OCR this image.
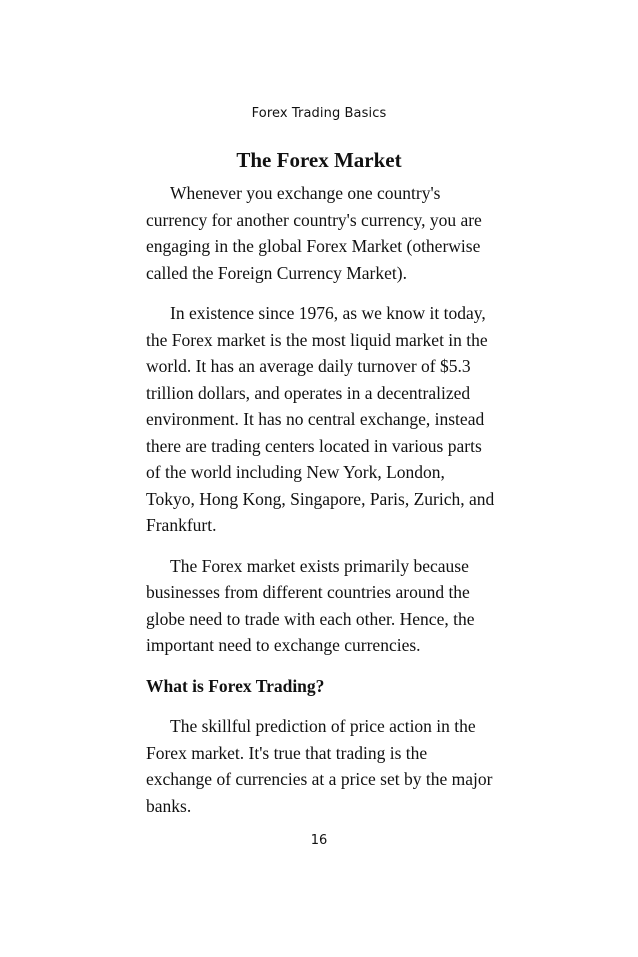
Forex Trading Basics
The Forex Market

Whenever you exchange one country's currency for another country's currency, you are engaging in the global Forex Market (otherwise called the Foreign Currency Market).

In existence since 1976, as we know it today, the Forex market is the most liquid market in the world. It has an average daily turnover of $5.3 trillion dollars, and operates in a decentralized environment. It has no central exchange, instead there are trading centers located in various parts of the world including New York, London, Tokyo, Hong Kong, Singapore, Paris, Zurich, and Frankfurt.

The Forex market exists primarily because businesses from different countries around the globe need to trade with each other. Hence, the important need to exchange currencies.

What is Forex Trading?

The skillful prediction of price action in the Forex market. It's true that trading is the exchange of currencies at a price set by the major banks.

16
